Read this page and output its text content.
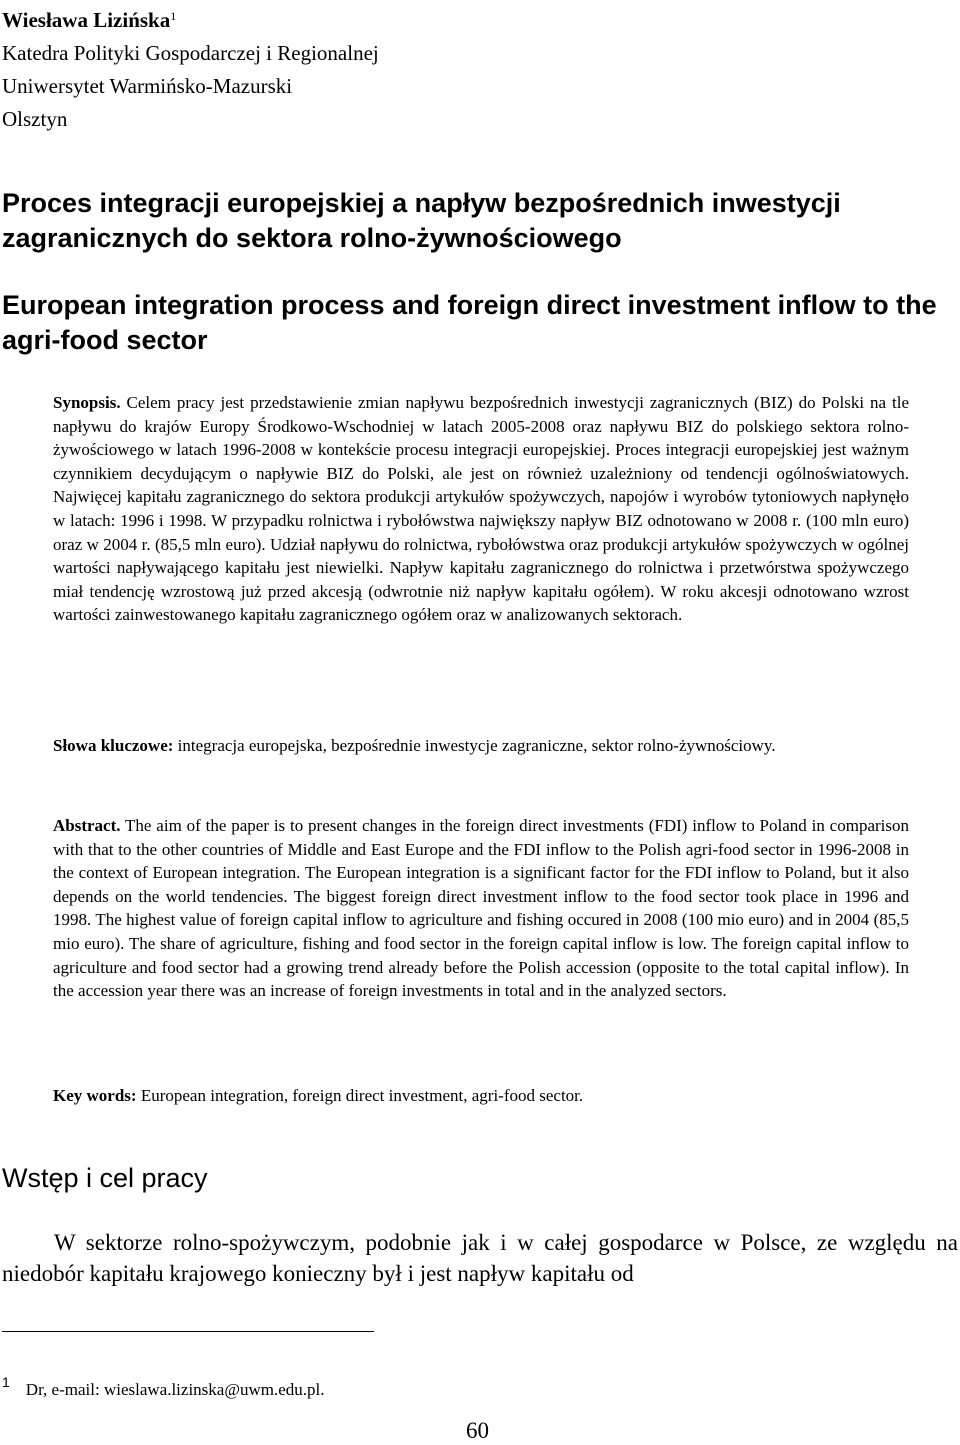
Wiesława Lizińska$^1$
Katedra Polityki Gospodarczej i Regionalnej
Uniwersytet Warmińsko-Mazurski
Olsztyn
Proces integracji europejskiej a napływ bezpośrednich inwestycji zagranicznych do sektora rolno-żywnościowego
European integration process and foreign direct investment inflow to the agri-food sector
Synopsis. Celem pracy jest przedstawienie zmian napływu bezpośrednich inwestycji zagranicznych (BIZ) do Polski na tle napływu do krajów Europy Środkowo-Wschodniej w latach 2005-2008 oraz napływu BIZ do polskiego sektora rolno-żywościowego w latach 1996-2008 w kontekście procesu integracji europejskiej. Proces integracji europejskiej jest ważnym czynnikiem decydującym o napływie BIZ do Polski, ale jest on również uzależniony od tendencji ogólnoświatowych. Najwięcej kapitału zagranicznego do sektora produkcji artykułów spożywczych, napojów i wyrobów tytoniowych napłynęło w latach: 1996 i 1998. W przypadku rolnictwa i rybołówstwa największy napływ BIZ odnotowano w 2008 r. (100 mln euro) oraz w 2004 r. (85,5 mln euro). Udział napływu do rolnictwa, rybołówstwa oraz produkcji artykułów spożywczych w ogólnej wartości napływającego kapitału jest niewielki. Napływ kapitału zagranicznego do rolnictwa i przetwórstwa spożywczego miał tendencję wzrostową już przed akcesją (odwrotnie niż napływ kapitału ogółem). W roku akcesji odnotowano wzrost wartości zainwestowanego kapitału zagranicznego ogółem oraz w analizowanych sektorach.
Słowa kluczowe: integracja europejska, bezpośrednie inwestycje zagraniczne, sektor rolno-żywnościowy.
Abstract. The aim of the paper is to present changes in the foreign direct investments (FDI) inflow to Poland in comparison with that to the other countries of Middle and East Europe and the FDI inflow to the Polish agri-food sector in 1996-2008 in the context of European integration. The European integration is a significant factor for the FDI inflow to Poland, but it also depends on the world tendencies. The biggest foreign direct investment inflow to the food sector took place in 1996 and 1998. The highest value of foreign capital inflow to agriculture and fishing occured in 2008 (100 mio euro) and in 2004 (85,5 mio euro). The share of agriculture, fishing and food sector in the foreign capital inflow is low. The foreign capital inflow to agriculture and food sector had a growing trend already before the Polish accession (opposite to the total capital inflow). In the accession year there was an increase of foreign investments in total and in the analyzed sectors.
Key words: European integration, foreign direct investment, agri-food sector.
Wstęp i cel pracy
W sektorze rolno-spożywczym, podobnie jak i w całej gospodarce w Polsce, ze względu na niedobór kapitału krajowego konieczny był i jest napływ kapitału od
$^1$ Dr, e-mail: wieslawa.lizinska@uwm.edu.pl.
60
